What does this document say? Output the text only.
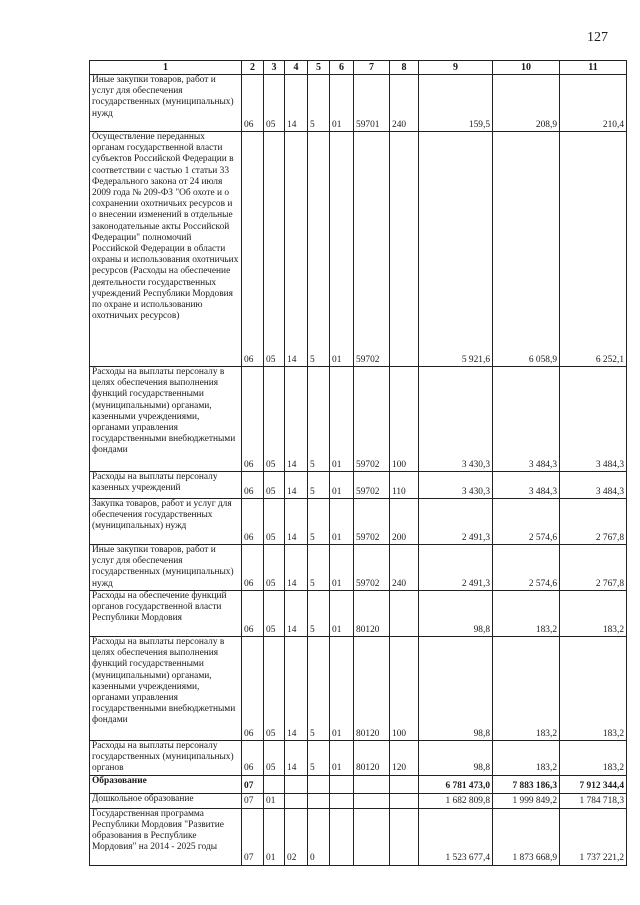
127
1	2	3	4	5	6	7	8	9	10	11
Иные закупки товаров, работ и услуг для обеспечения государственных (муниципальных) нужд	06	05	14	5	01	59701	240	159,5	208,9	210,4
Осуществление переданных органам государственной власти субъектов Российской Федерации в соответствии с частью 1 статьи 33 Федерального закона от 24 июля 2009 года № 209-ФЗ "Об охоте и о сохранении охотничьих ресурсов и о внесении изменений в отдельные законодательные акты Российской Федерации" полномочий Российской Федерации в области охраны и использования охотничьих ресурсов (Расходы на обеспечение деятельности государственных учреждений Республики Мордовия по охране и использованию охотничьих ресурсов)	06	05	14	5	01	59702		5 921,6	6 058,9	6 252,1
Расходы на выплаты персоналу в целях обеспечения выполнения функций государственными (муниципальными) органами, казенными учреждениями, органами управления государственными внебюджетными фондами	06	05	14	5	01	59702	100	3 430,3	3 484,3	3 484,3
Расходы на выплаты персоналу казенных учреждений	06	05	14	5	01	59702	110	3 430,3	3 484,3	3 484,3
Закупка товаров, работ и услуг для обеспечения государственных (муниципальных) нужд	06	05	14	5	01	59702	200	2 491,3	2 574,6	2 767,8
Иные закупки товаров, работ и услуг для обеспечения государственных (муниципальных) нужд	06	05	14	5	01	59702	240	2 491,3	2 574,6	2 767,8
Расходы на обеспечение функций органов государственной власти Республики Мордовия	06	05	14	5	01	80120		98,8	183,2	183,2
Расходы на выплаты персоналу в целях обеспечения выполнения функций государственными (муниципальными) органами, казенными учреждениями, органами управления государственными внебюджетными фондами	06	05	14	5	01	80120	100	98,8	183,2	183,2
Расходы на выплаты персоналу государственных (муниципальных) органов	06	05	14	5	01	80120	120	98,8	183,2	183,2
Образование	07							6 781 473,0	7 883 186,3	7 912 344,4
Дошкольное образование	07	01						1 682 809,8	1 999 849,2	1 784 718,3
Государственная программа Республики Мордовия "Развитие образования в Республике Мордовия" на 2014 - 2025 годы	07	01	02	0				1 523 677,4	1 873 668,9	1 737 221,2
